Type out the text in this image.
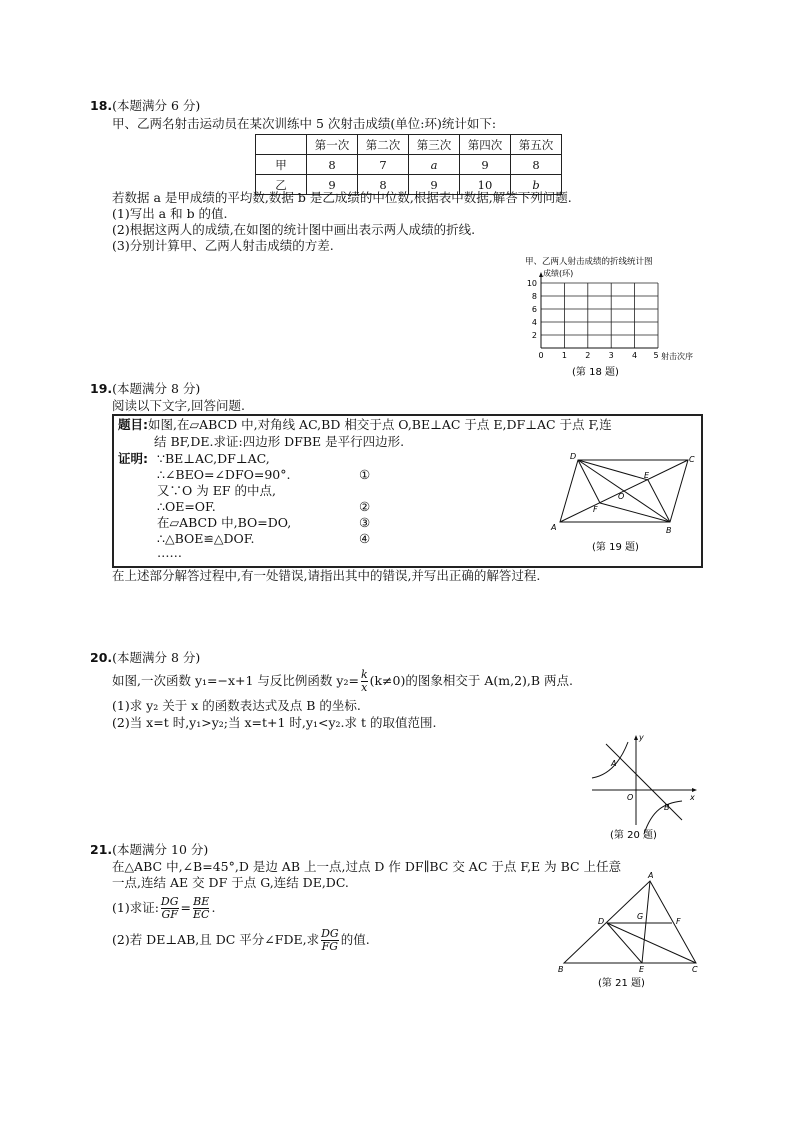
18.(本题满分 6 分)
甲、乙两名射击运动员在某次训练中 5 次射击成绩(单位:环)统计如下:
	第一次	第二次	第三次	第四次	第五次
甲	8	7	a	9	8
乙	9	8	9	10	b
若数据 a 是甲成绩的平均数,数据 b 是乙成绩的中位数,根据表中数据,解答下列问题.
(1)写出 a 和 b 的值.
(2)根据这两人的成绩,在如图的统计图中画出表示两人成绩的折线.
(3)分别计算甲、乙两人射击成绩的方差.
甲、乙两人射击成绩的折线统计图
成绩(环)
2
4
6
8
10
0 1 2 3 4 5 射击次序
(第 18 题)
19.(本题满分 8 分)
阅读以下文字,回答问题.
题目:如图,在▱ABCD 中,对角线 AC,BD 相交于点 O,BE⊥AC 于点 E,DF⊥AC 于点 F,连
结 BF,DE.求证:四边形 DFBE 是平行四边形.
证明: ∵BE⊥AC,DF⊥AC,
∴∠BEO=∠DFO=90°.	①
又∵O 为 EF 的中点,
∴OE=OF.	②
在▱ABCD 中,BO=DO,	③
∴△BOE≌△DOF.	④
……
D	C
A	B
E
F
O
(第 19 题)
在上述部分解答过程中,有一处错误,请指出其中的错误,并写出正确的解答过程.
20.(本题满分 8 分)
如图,一次函数 y₁=−x+1 与反比例函数 $y_2= \frac{k}{x} (k\ne 0)$的图象相交于 A(m,2),B 两点.
(1)求 y₂ 关于 x 的函数表达式及点 B 的坐标.
(2)当 x=t 时,y₁>y₂;当 x=t+1 时,y₁<y₂.求 t 的取值范围.
y
x
O
A
B
(第 20 题)
21.(本题满分 10 分)
在△ABC 中,∠B=45°,D 是边 AB 上一点,过点 D 作 DF∥BC 交 AC 于点 F,E 为 BC 上任意
一点,连结 AE 交 DF 于点 G,连结 DE,DC.
(1)求证: $\frac{DG}{GF} = \frac{BE}{EC}$ .
(2)若 DE⊥AB,且 DC 平分∠FDE,求 $\frac{DG}{FG}$ 的值.
A
B	C
D
E
F
G
(第 21 题)
